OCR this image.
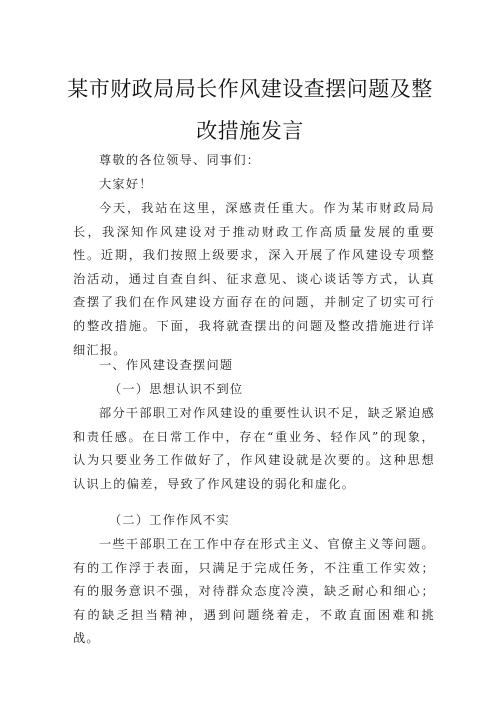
某市财政局局长作风建设查摆问题及整
改措施发言

尊敬的各位领导、同事们：

大家好！

今天，我站在这里，深感责任重大。作为某市财政局局长，我深知作风建设对于推动财政工作高质量发展的重要性。近期，我们按照上级要求，深入开展了作风建设专项整治活动，通过自查自纠、征求意见、谈心谈话等方式，认真查摆了我们在作风建设方面存在的问题，并制定了切实可行的整改措施。下面，我将就查摆出的问题及整改措施进行详细汇报。

一、作风建设查摆问题

（一）思想认识不到位

部分干部职工对作风建设的重要性认识不足，缺乏紧迫感和责任感。在日常工作中，存在“重业务、轻作风”的现象，认为只要业务工作做好了，作风建设就是次要的。这种思想认识上的偏差，导致了作风建设的弱化和虚化。

（二）工作作风不实

一些干部职工在工作中存在形式主义、官僚主义等问题。有的工作浮于表面，只满足于完成任务，不注重工作实效；有的服务意识不强，对待群众态度冷漠，缺乏耐心和细心；有的缺乏担当精神，遇到问题绕着走，不敢直面困难和挑战。
